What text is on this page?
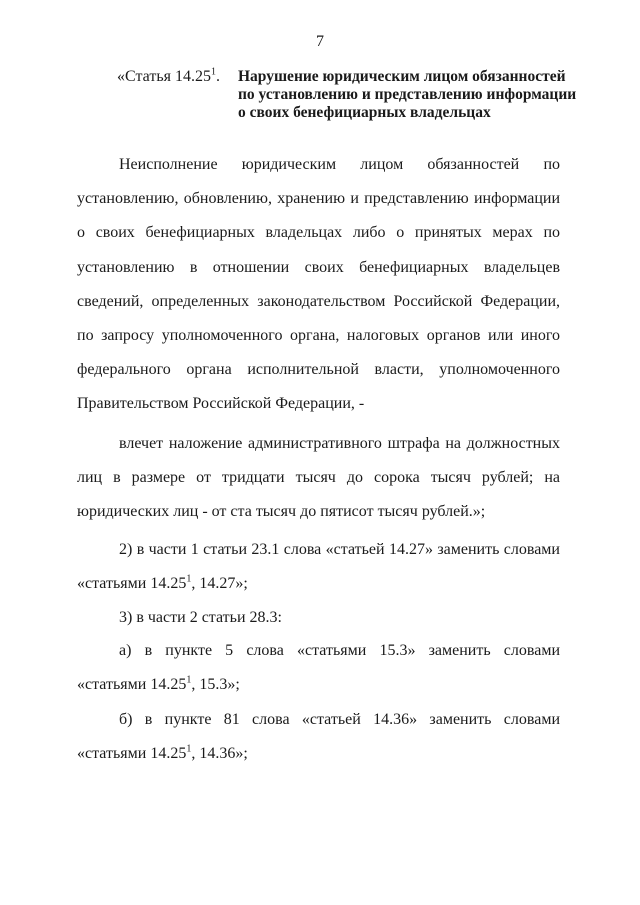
7
«Статья 14.25$^1$. Нарушение юридическим лицом обязанностей по установлению и представлению информации о своих бенефициарных владельцах

Неисполнение юридическим лицом обязанностей по установлению, обновлению, хранению и представлению информации о своих бенефициарных владельцах либо о принятых мерах по установлению в отношении своих бенефициарных владельцев сведений, определенных законодательством Российской Федерации, по запросу уполномоченного органа, налоговых органов или иного федерального органа исполнительной власти, уполномоченного Правительством Российской Федерации, -

влечет наложение административного штрафа на должностных лиц в размере от тридцати тысяч до сорока тысяч рублей; на юридических лиц - от ста тысяч до пятисот тысяч рублей.»;

2) в части 1 статьи 23.1 слова «статьей 14.27» заменить словами «статьями 14.25$^1$, 14.27»;

3) в части 2 статьи 28.3:

а) в пункте 5 слова «статьями 15.3» заменить словами «статьями 14.25$^1$, 15.3»;

б) в пункте 81 слова «статьей 14.36» заменить словами «статьями 14.25$^1$, 14.36»;
